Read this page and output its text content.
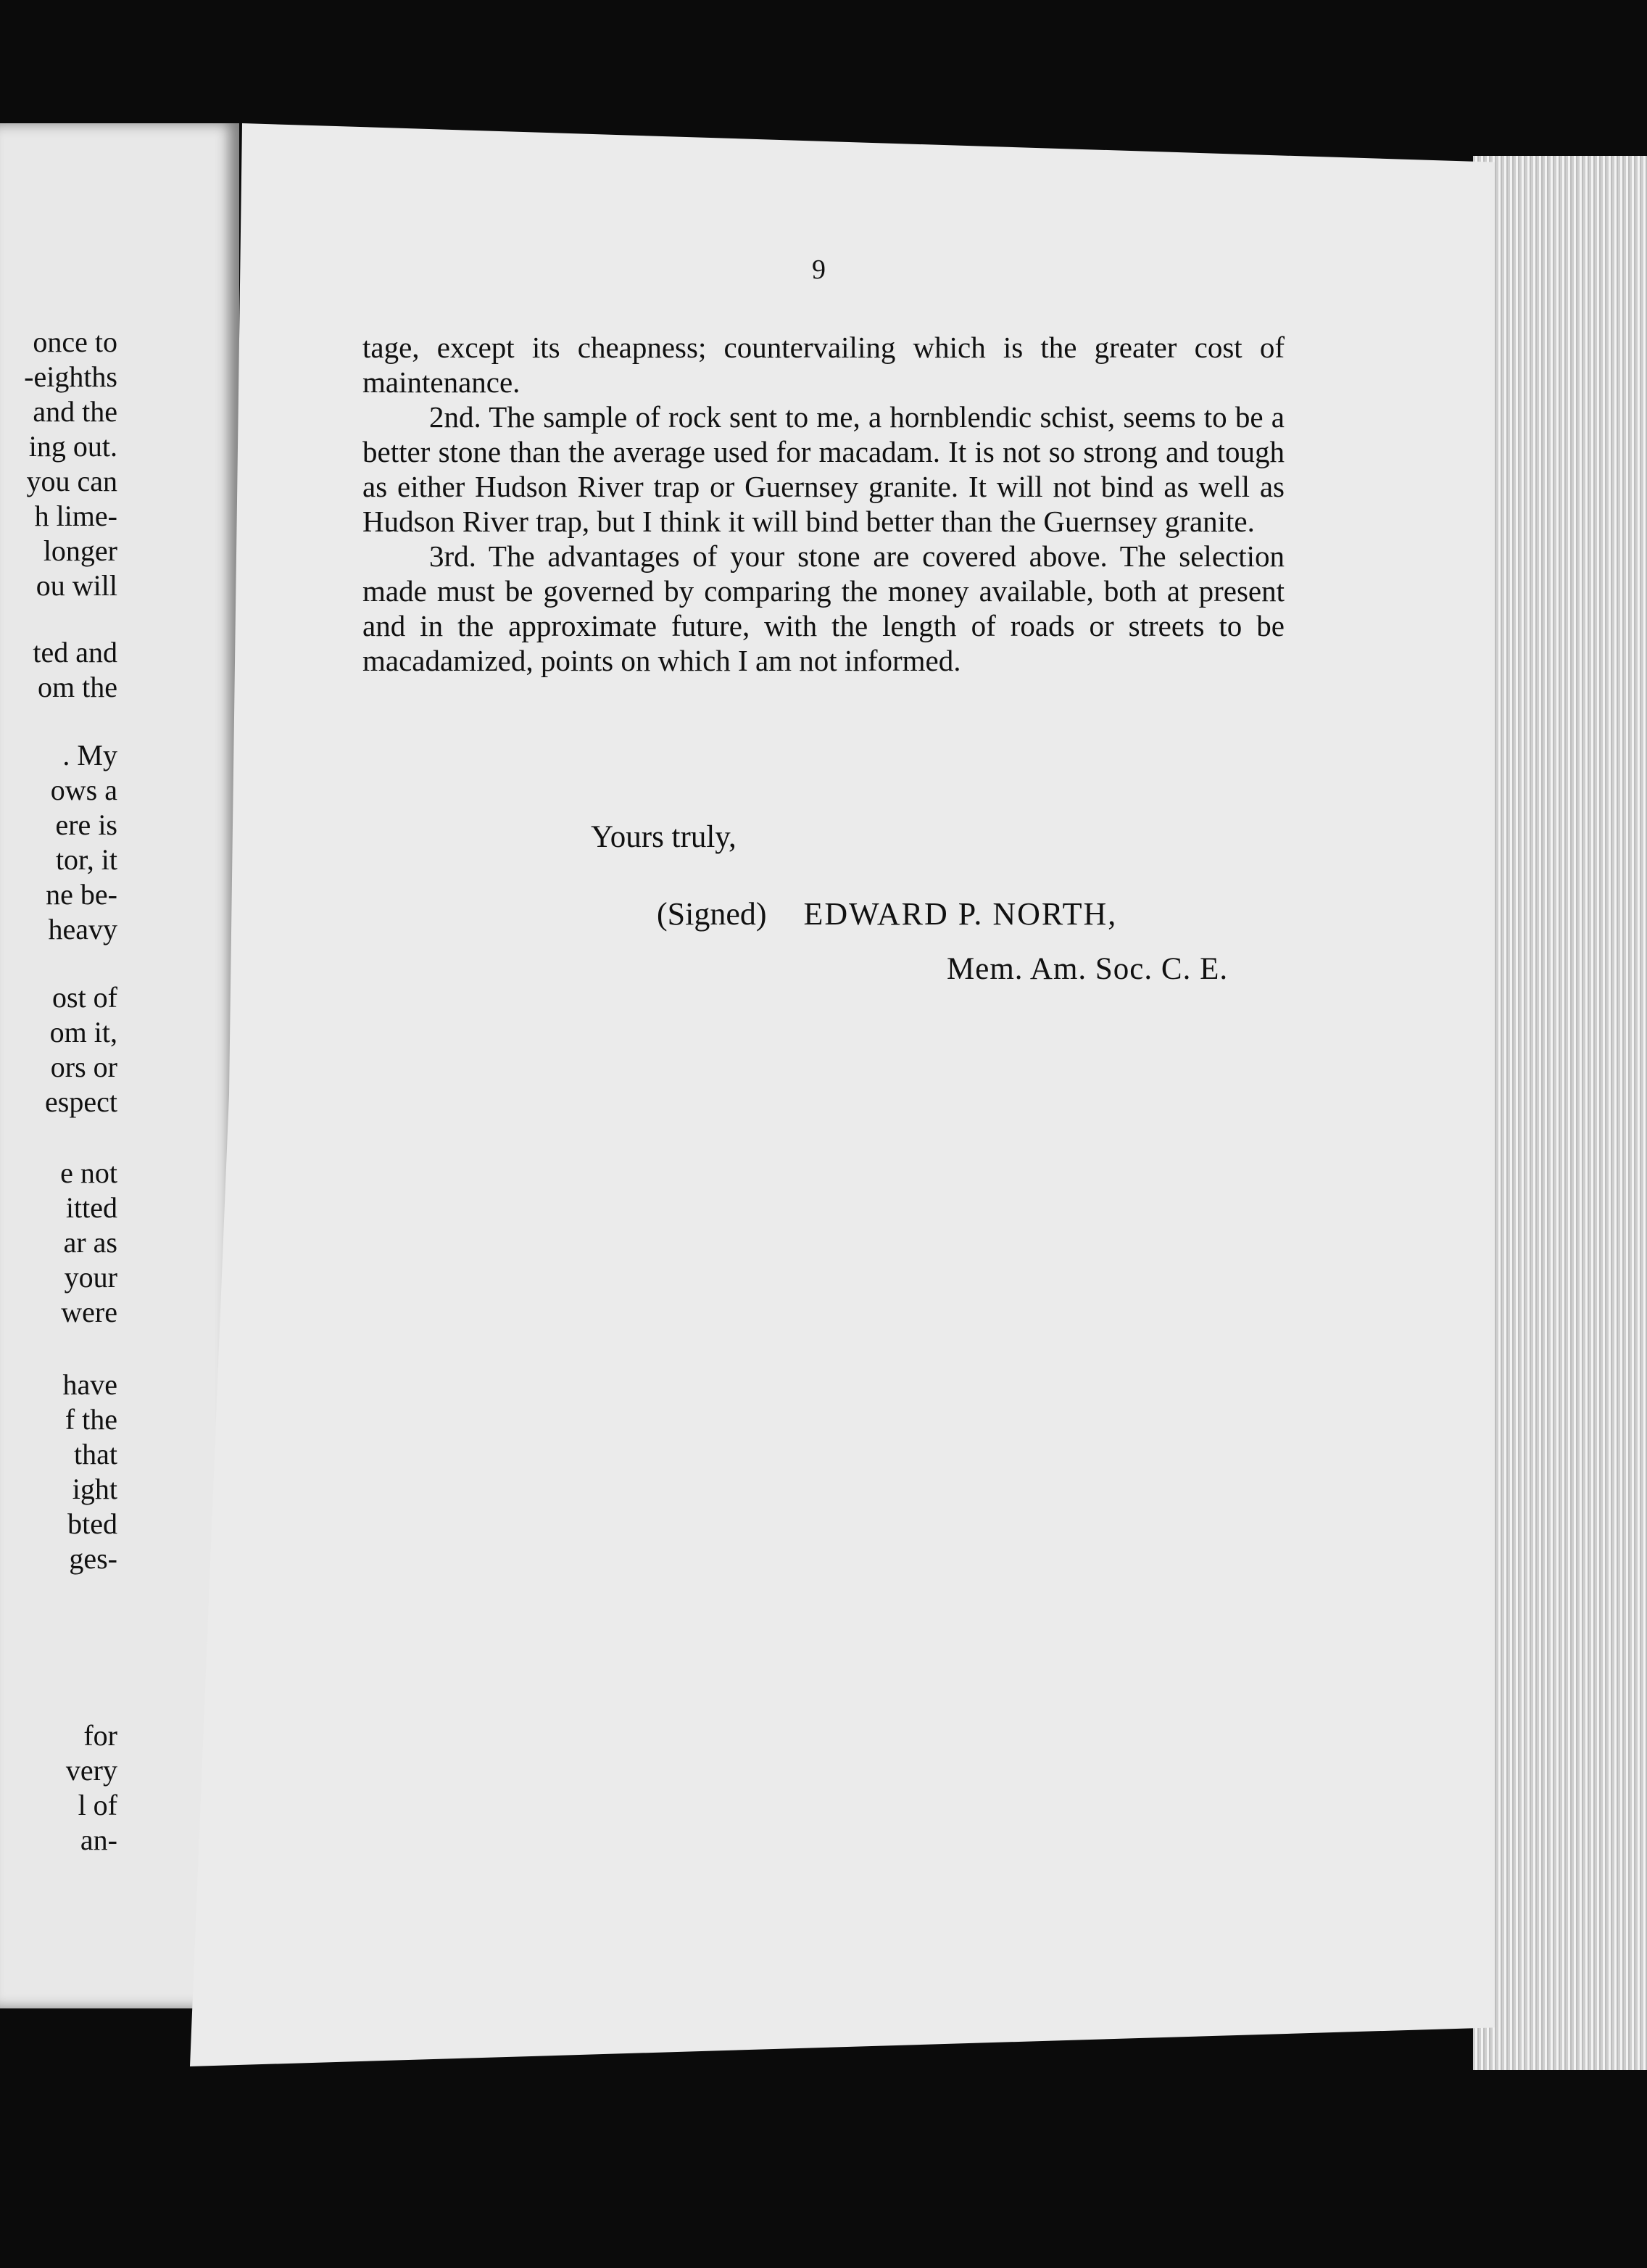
once to
-eighths
and the
ing out.
you can
h lime-
longer
ou will
ted and
om the
. My
ows a
ere is
tor, it
ne be-
heavy
ost of
om it,
ors or
espect
e not
itted
ar as
your
were
have
f the
that
ight
bted
ges-
for
very
l of
an-
9

tage, except its cheapness; countervailing which is the greater cost of maintenance.

2nd. The sample of rock sent to me, a hornblendic schist, seems to be a better stone than the average used for macadam. It is not so strong and tough as either Hudson River trap or Guernsey granite. It will not bind as well as Hudson River trap, but I think it will bind better than the Guernsey granite.

3rd. The advantages of your stone are covered above. The selection made must be governed by comparing the money available, both at present and in the approximate future, with the length of roads or streets to be macadamized, points on which I am not informed.

Yours truly,
(Signed) EDWARD P. NORTH,
Mem. Am. Soc. C. E.
